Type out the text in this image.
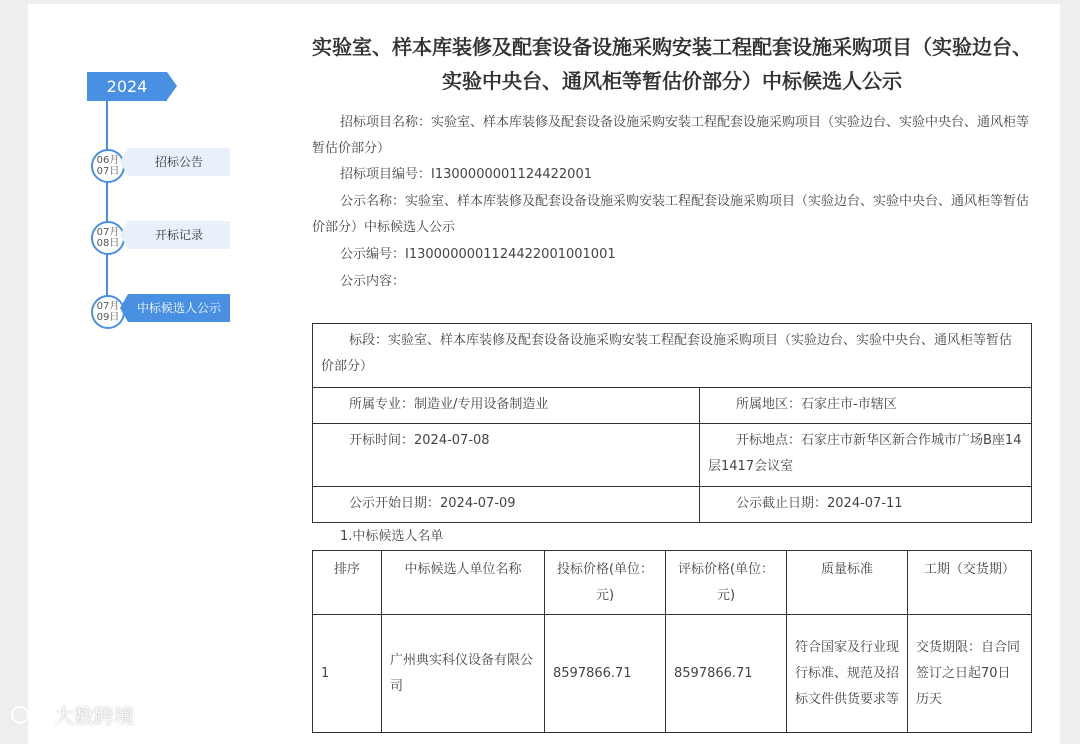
2024
06月
07日
招标公告
07月
08日
开标记录
07月
09日
中标候选人公示
实验室、样本库装修及配套设备设施采购安装工程配套设施采购项目（实验边台、实验中央台、通风柜等暂估价部分）中标候选人公示
招标项目名称：实验室、样本库装修及配套设备设施采购安装工程配套设施采购项目（实验边台、实验中央台、通风柜等暂估价部分）
招标项目编号：I1300000001124422001
公示名称：实验室、样本库装修及配套设备设施采购安装工程配套设施采购项目（实验边台、实验中央台、通风柜等暂估价部分）中标候选人公示
公示编号：I1300000001124422001001001
公示内容：
标段：实验室、样本库装修及配套设备设施采购安装工程配套设施采购项目（实验边台、实验中央台、通风柜等暂估价部分）	
所属专业：制造业/专用设备制造业	所属地区：石家庄市-市辖区
开标时间：2024-07-08	开标地点：石家庄市新华区新合作城市广场B座14层1417会议室
公示开始日期：2024-07-09	公示截止日期：2024-07-11
1.中标候选人名单
排序	中标候选人单位名称	投标价格(单位：元)	评标价格(单位：元)	质量标准	工期（交货期）
1	广州典实科仪设备有限公司	8597866.71	8597866.71	符合国家及行业现行标准、规范及招标文件供货要求等	交货期限：自合同签订之日起70日历天
大数跨境
